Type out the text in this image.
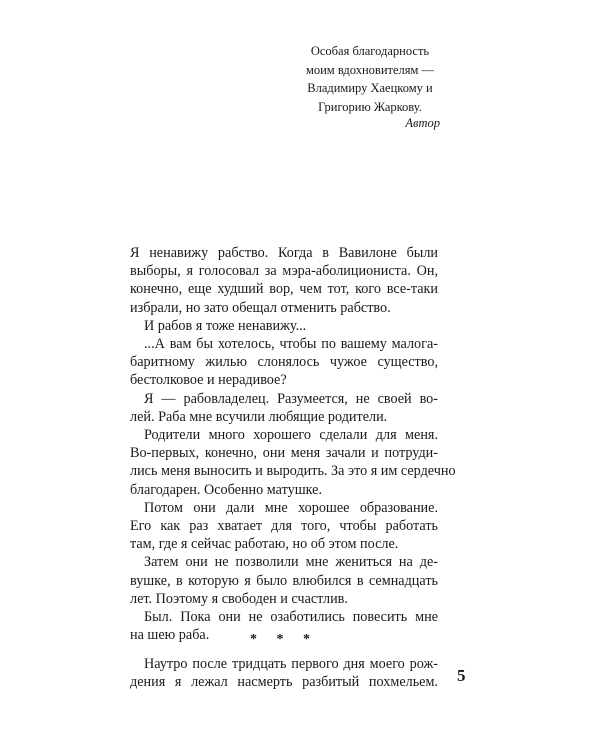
Особая благодарность
моим вдохновителям —
Владимиру Хаецкому и
Григорию Жаркову.
Автор

Я ненавижу рабство. Когда в Вавилоне были
выборы, я голосовал за мэра-аболициониста. Он,
конечно, еще худший вор, чем тот, кого все-таки
избрали, но зато обещал отменить рабство.

И рабов я тоже ненавижу...

...А вам бы хотелось, чтобы по вашему малога-
баритному жилью слонялось чужое существо,
бестолковое и нерадивое?

Я — рабовладелец. Разумеется, не своей во-
лей. Раба мне всучили любящие родители.

Родители много хорошего сделали для меня.
Во-первых, конечно, они меня зачали и потруди-
лись меня выносить и выродить. За это я им сердечно
благодарен. Особенно матушке.

Потом они дали мне хорошее образование.
Его как раз хватает для того, чтобы работать
там, где я сейчас работаю, но об этом после.

Затем они не позволили мне жениться на де-
вушке, в которую я было влюбился в семнадцать
лет. Поэтому я свободен и счастлив.

Был. Пока они не озаботились повесить мне
на шею раба.	* * *

Наутро после тридцать первого дня моего рож-
дения я лежал насмерть разбитый похмельем. 5
